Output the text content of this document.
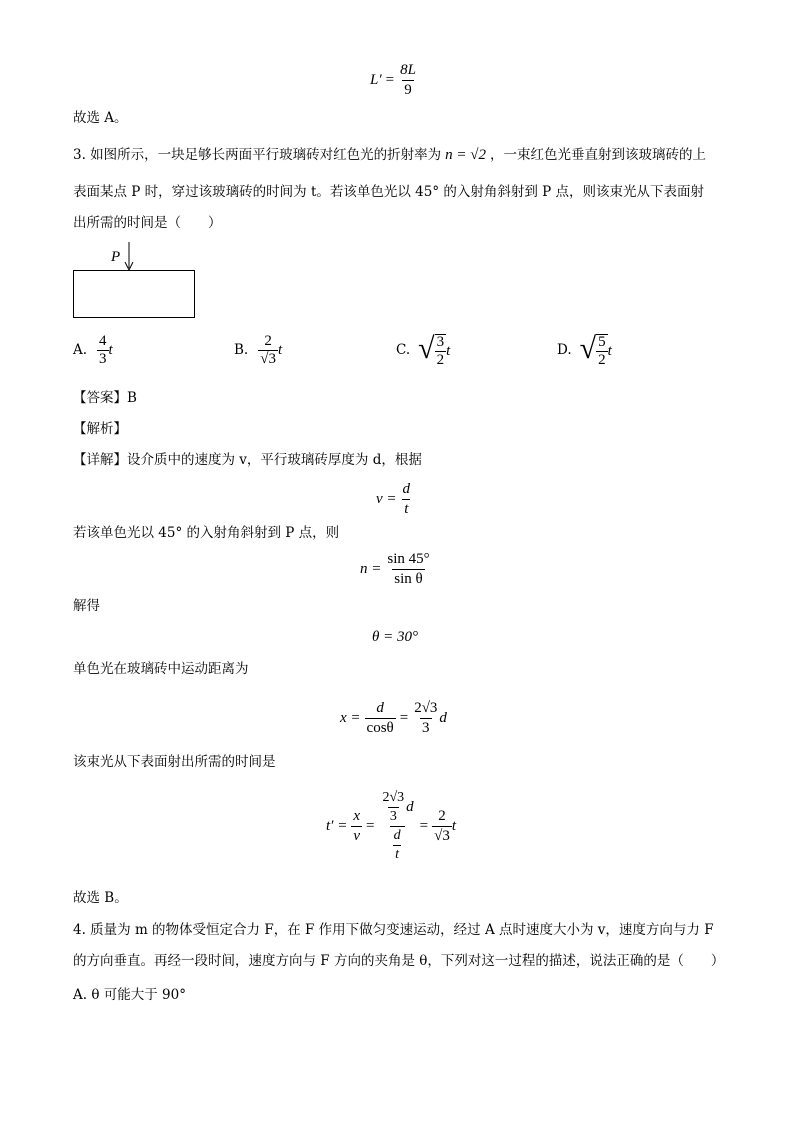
$L' = \frac{8L}{9}$
故选 A。
3. 如图所示，一块足够长两面平行玻璃砖对红色光的折射率为 n = √2 ，一束红色光垂直射到该玻璃砖的上
表面某点 P 时，穿过该玻璃砖的时间为 t。若该单色光以 45° 的入射角斜射到 P 点，则该束光从下表面射
出所需的时间是（　　）
P
A. $\frac{4}{3}$ t	B. $\frac{2}{√3}$ t	C. √ $\frac{3}{2}$ t	D. √ $\frac{5}{2}$ t
【答案】B
【解析】
【详解】设介质中的速度为 v，平行玻璃砖厚度为 d，根据
$v = \frac{d}{t}$
若该单色光以 45° 的入射角斜射到 P 点，则
$n = \frac{\sin 45^\circ}{\text{sin θ}}$
解得
θ = 30°
单色光在玻璃砖中运动距离为
$x = \frac{d}{\cos\theta} = \frac{2√3}{3}$ d
该束光从下表面射出所需的时间是
$t' = \frac{x}{v} = \frac{\frac{2√3}{3} d}{\frac{d}{t}} = \frac{2}{√3}$ t
故选 B。
4. 质量为 m 的物体受恒定合力 F，在 F 作用下做匀变速运动，经过 A 点时速度大小为 v，速度方向与力 F
的方向垂直。再经一段时间，速度方向与 F 方向的夹角是 θ，下列对这一过程的描述，说法正确的是（　　）
A. θ 可能大于 90°
